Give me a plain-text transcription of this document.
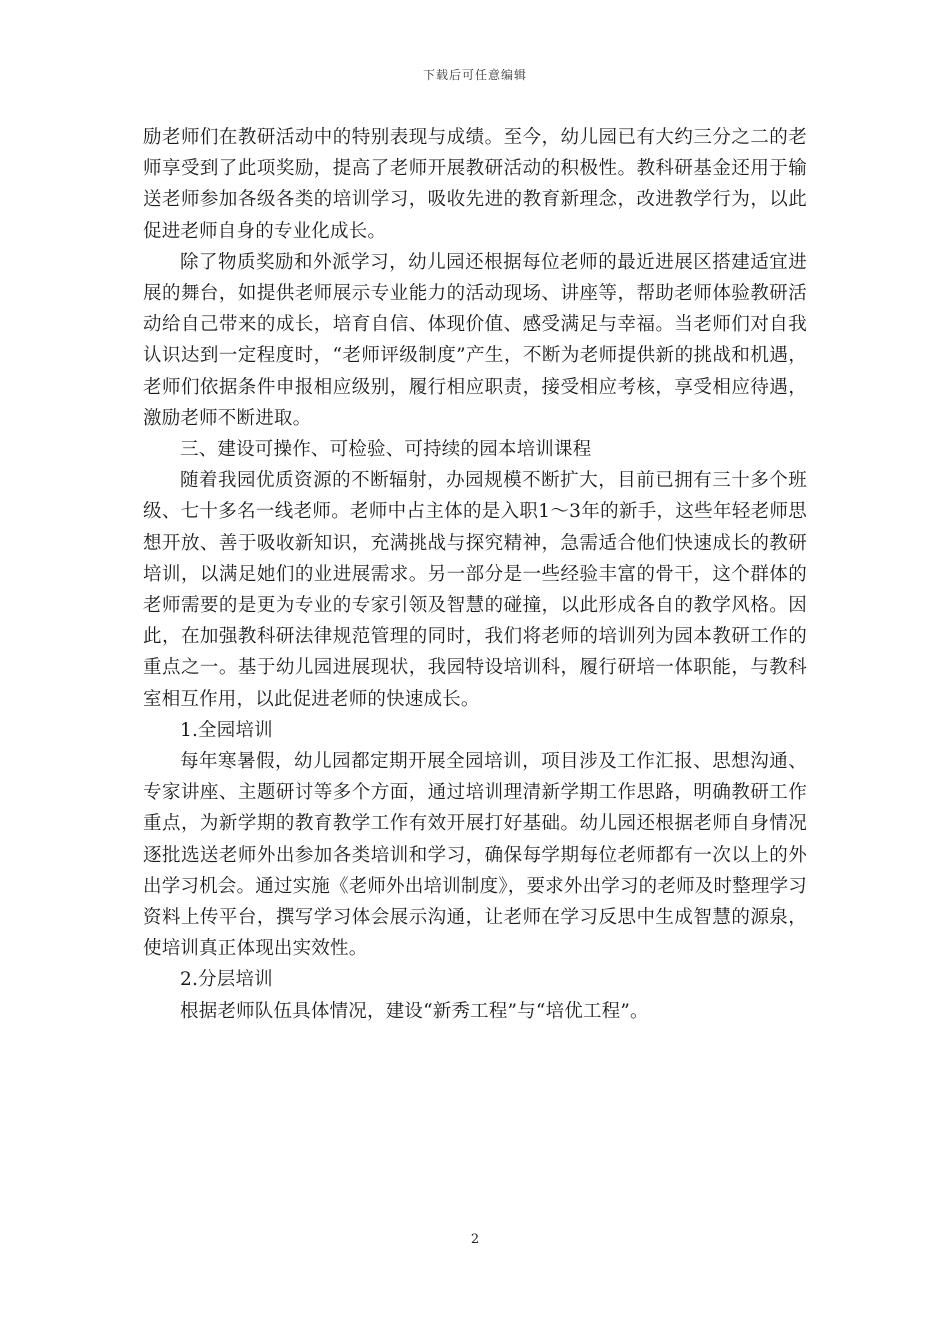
下载后可任意编辑

励老师们在教研活动中的特别表现与成绩。至今，幼儿园已有大约三分之二的老师享受到了此项奖励，提高了老师开展教研活动的积极性。教科研基金还用于输送老师参加各级各类的培训学习，吸收先进的教育新理念，改进教学行为，以此促进老师自身的专业化成长。

除了物质奖励和外派学习，幼儿园还根据每位老师的最近进展区搭建适宜进展的舞台，如提供老师展示专业能力的活动现场、讲座等，帮助老师体验教研活动给自己带来的成长，培育自信、体现价值、感受满足与幸福。当老师们对自我认识达到一定程度时，“老师评级制度”产生，不断为老师提供新的挑战和机遇，老师们依据条件申报相应级别，履行相应职责，接受相应考核，享受相应待遇，激励老师不断进取。

三、建设可操作、可检验、可持续的园本培训课程

随着我园优质资源的不断辐射，办园规模不断扩大，目前已拥有三十多个班级、七十多名一线老师。老师中占主体的是入职1～3年的新手，这些年轻老师思想开放、善于吸收新知识，充满挑战与探究精神，急需适合他们快速成长的教研培训，以满足她们的业进展需求。另一部分是一些经验丰富的骨干，这个群体的老师需要的是更为专业的专家引领及智慧的碰撞，以此形成各自的教学风格。因此，在加强教科研法律规范管理的同时，我们将老师的培训列为园本教研工作的重点之一。基于幼儿园进展现状，我园特设培训科，履行研培一体职能，与教科室相互作用，以此促进老师的快速成长。

1.全园培训

每年寒暑假，幼儿园都定期开展全园培训，项目涉及工作汇报、思想沟通、专家讲座、主题研讨等多个方面，通过培训理清新学期工作思路，明确教研工作重点，为新学期的教育教学工作有效开展打好基础。幼儿园还根据老师自身情况逐批选送老师外出参加各类培训和学习，确保每学期每位老师都有一次以上的外出学习机会。通过实施《老师外出培训制度》，要求外出学习的老师及时整理学习资料上传平台，撰写学习体会展示沟通，让老师在学习反思中生成智慧的源泉，使培训真正体现出实效性。

2.分层培训

根据老师队伍具体情况，建设“新秀工程”与“培优工程”。

2
